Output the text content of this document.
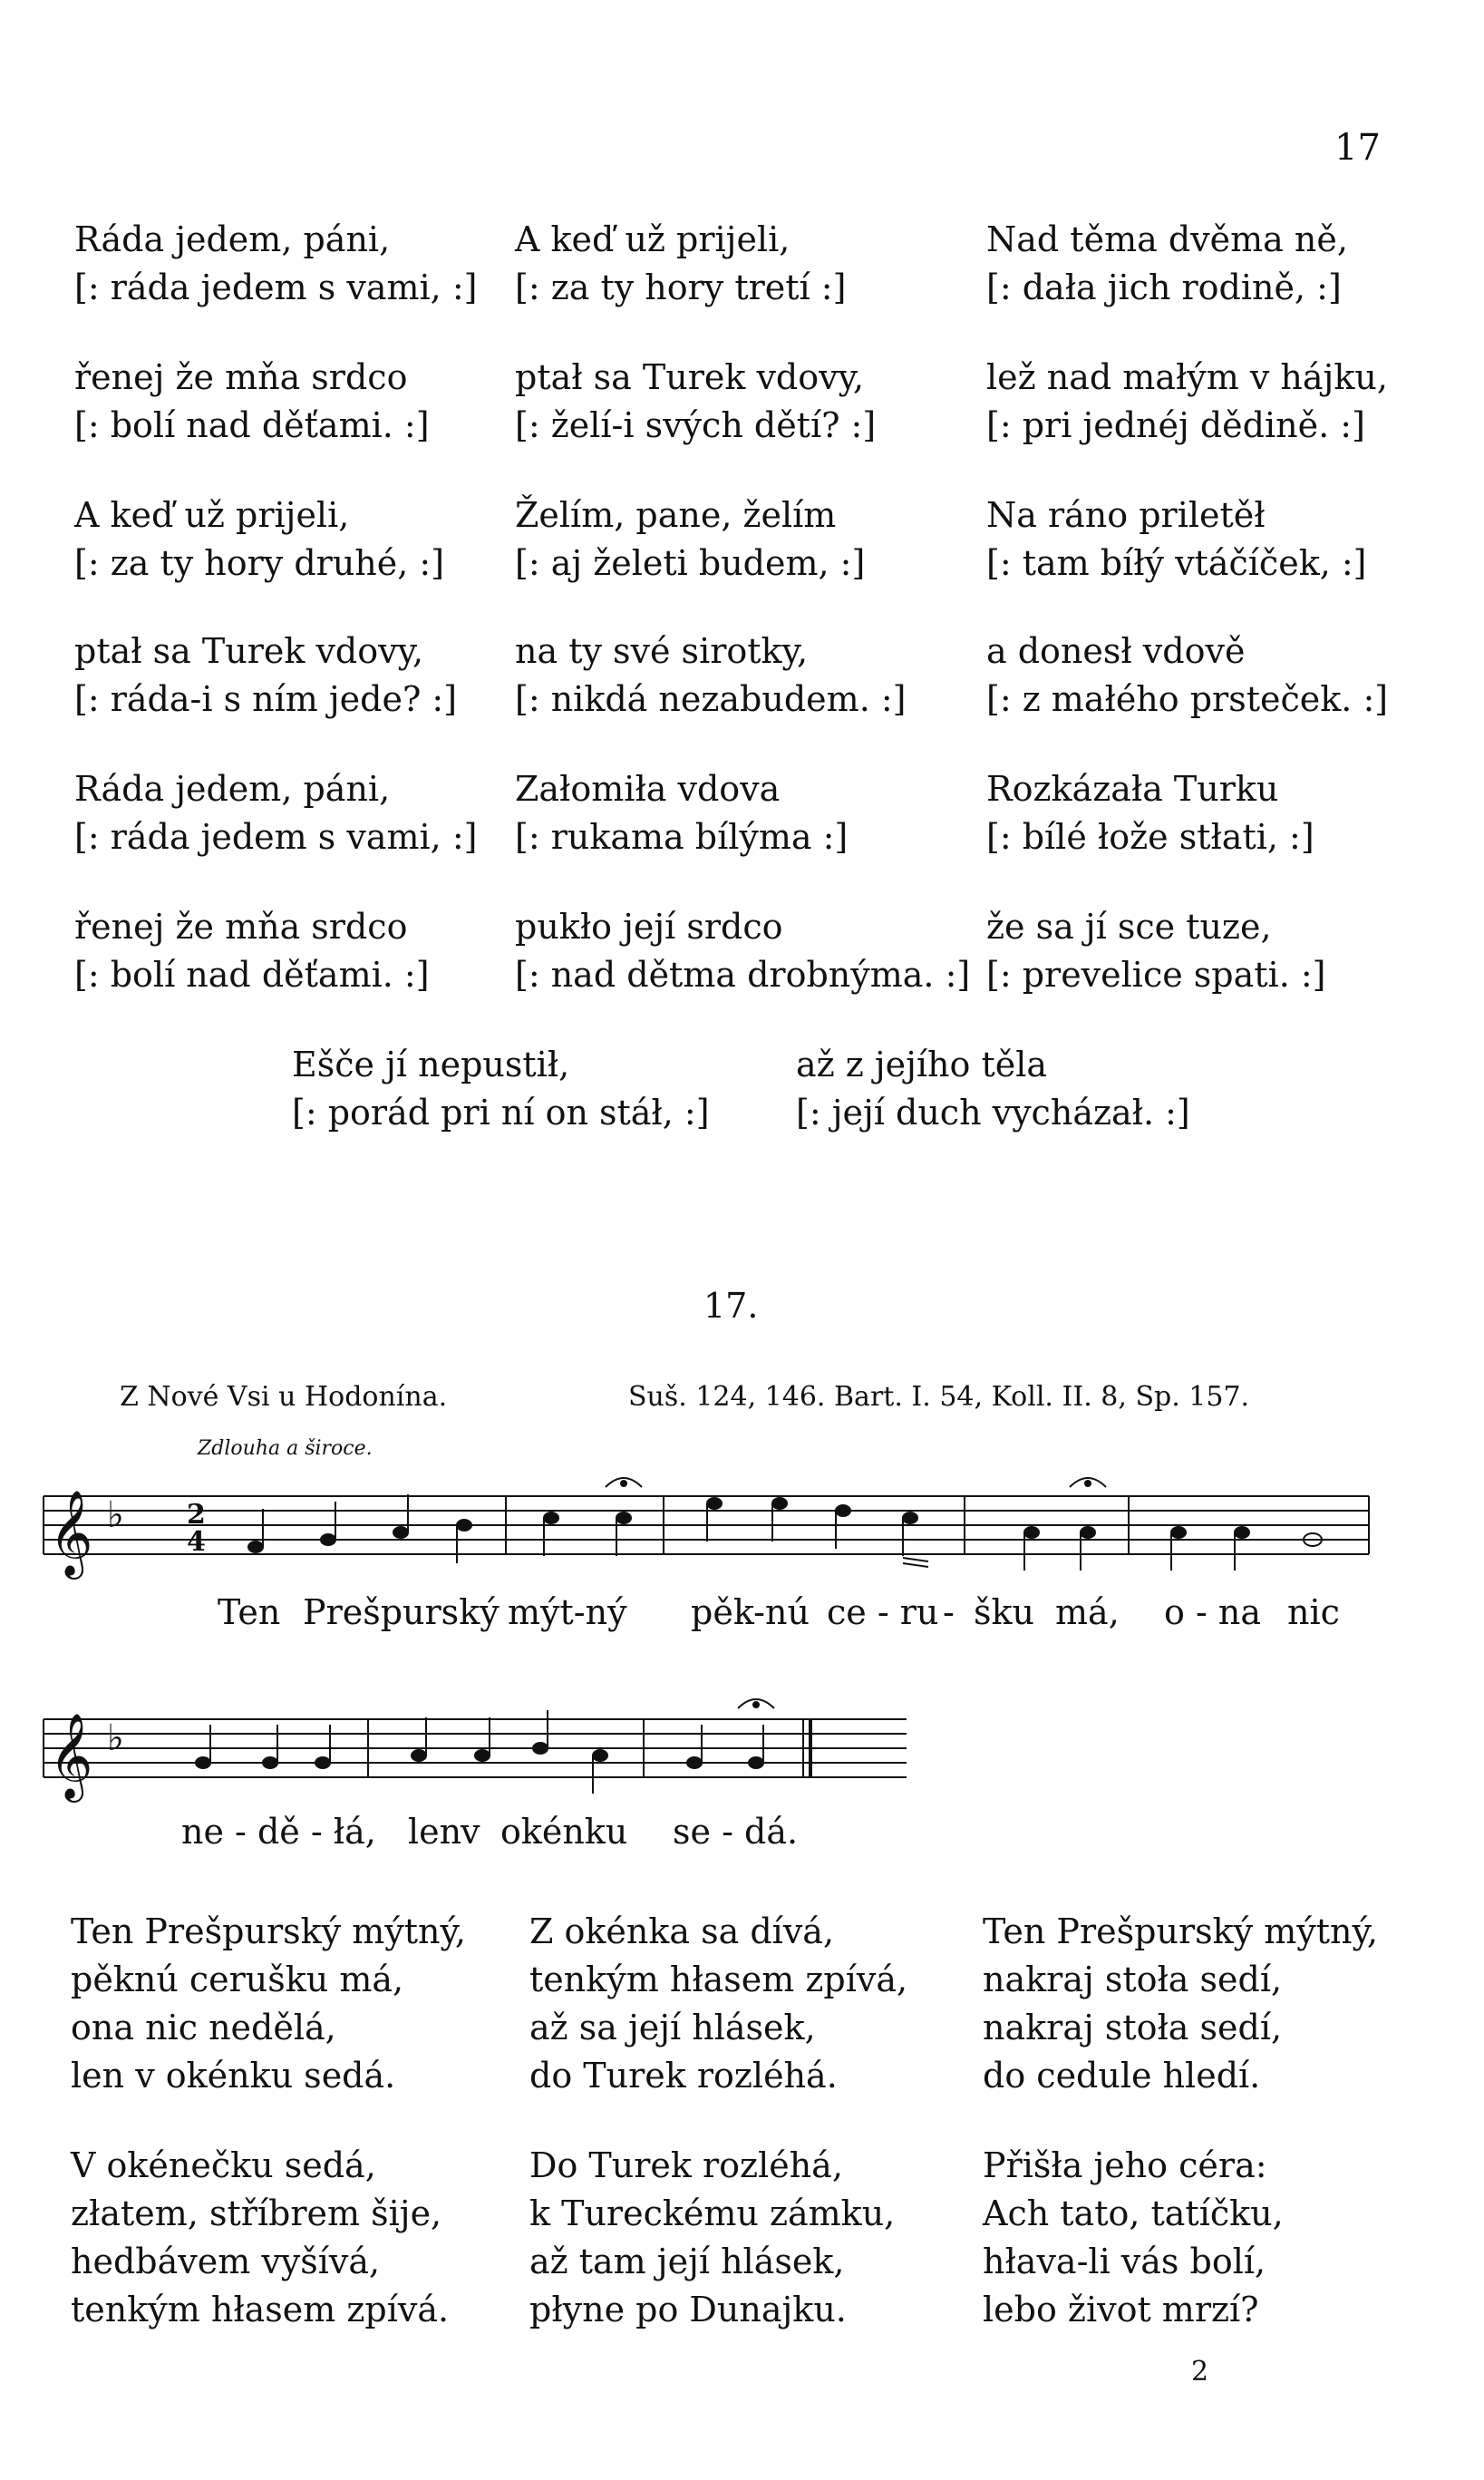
17
Ráda jedem, páni,
[: ráda jedem s vami, :]
řenej že mňa srdco
[: bolí nad děťami. :]
A keď už prijeli,
[: za ty hory druhé, :]
ptał sa Turek vdovy,
[: ráda-i s ním jede? :]
Ráda jedem, páni,
[: ráda jedem s vami, :]
řenej že mňa srdco
[: bolí nad děťami. :]
A keď už prijeli,
[: za ty hory tretí :]
ptał sa Turek vdovy,
[: želí-i svých dětí? :]
Želím, pane, želím
[: aj želeti budem, :]
na ty své sirotky,
[: nikdá nezabudem. :]
Załomiła vdova
[: rukama bílýma :]
pukło její srdco
[: nad dětma drobnýma. :]
Nad těma dvěma ně,
[: dała jich rodině, :]
lež nad małým v hájku,
[: pri jednéj dědině. :]
Na ráno priletěł
[: tam bíłý vtáčíček, :]
a donesł vdově
[: z małého prsteček. :]
Rozkázała Turku
[: bílé łože stłati, :]
že sa jí sce tuze,
[: prevelice spati. :]
Ešče jí nepustił,
[: porád pri ní on stáł, :]
až z jejího těla
[: její duch vycházał. :]
17.
Z Nové Vsi u Hodonína.	Suš. 124, 146. Bart. I. 54, Koll. II. 8, Sp. 157.
Zdlouha a široce.
𝄞 ♭ 2
4
𝄞 ♭
Ten Prešpurský mýt-ný pěk-nú ce - ru - šku má, o - na nic
ne - dě - łá, len
v okénku se - dá.
Ten Prešpurský mýtný,
pěknú cerušku má,
ona nic nedělá,
len v okénku sedá.
V okénečku sedá,
złatem, stříbrem šije,
hedbávem vyšívá,
tenkým hłasem zpívá.
Z okénka sa dívá,
tenkým hłasem zpívá,
až sa její hlásek,
do Turek rozléhá.
Do Turek rozléhá,
k Tureckému zámku,
až tam její hlásek,
płyne po Dunajku.
Ten Prešpurský mýtný,
nakraj stoła sedí,
nakraj stoła sedí,
do cedule hledí.
Přišła jeho céra:
Ach tato, tatíčku,
hłava-li vás bolí,
lebo život mrzí?
2
